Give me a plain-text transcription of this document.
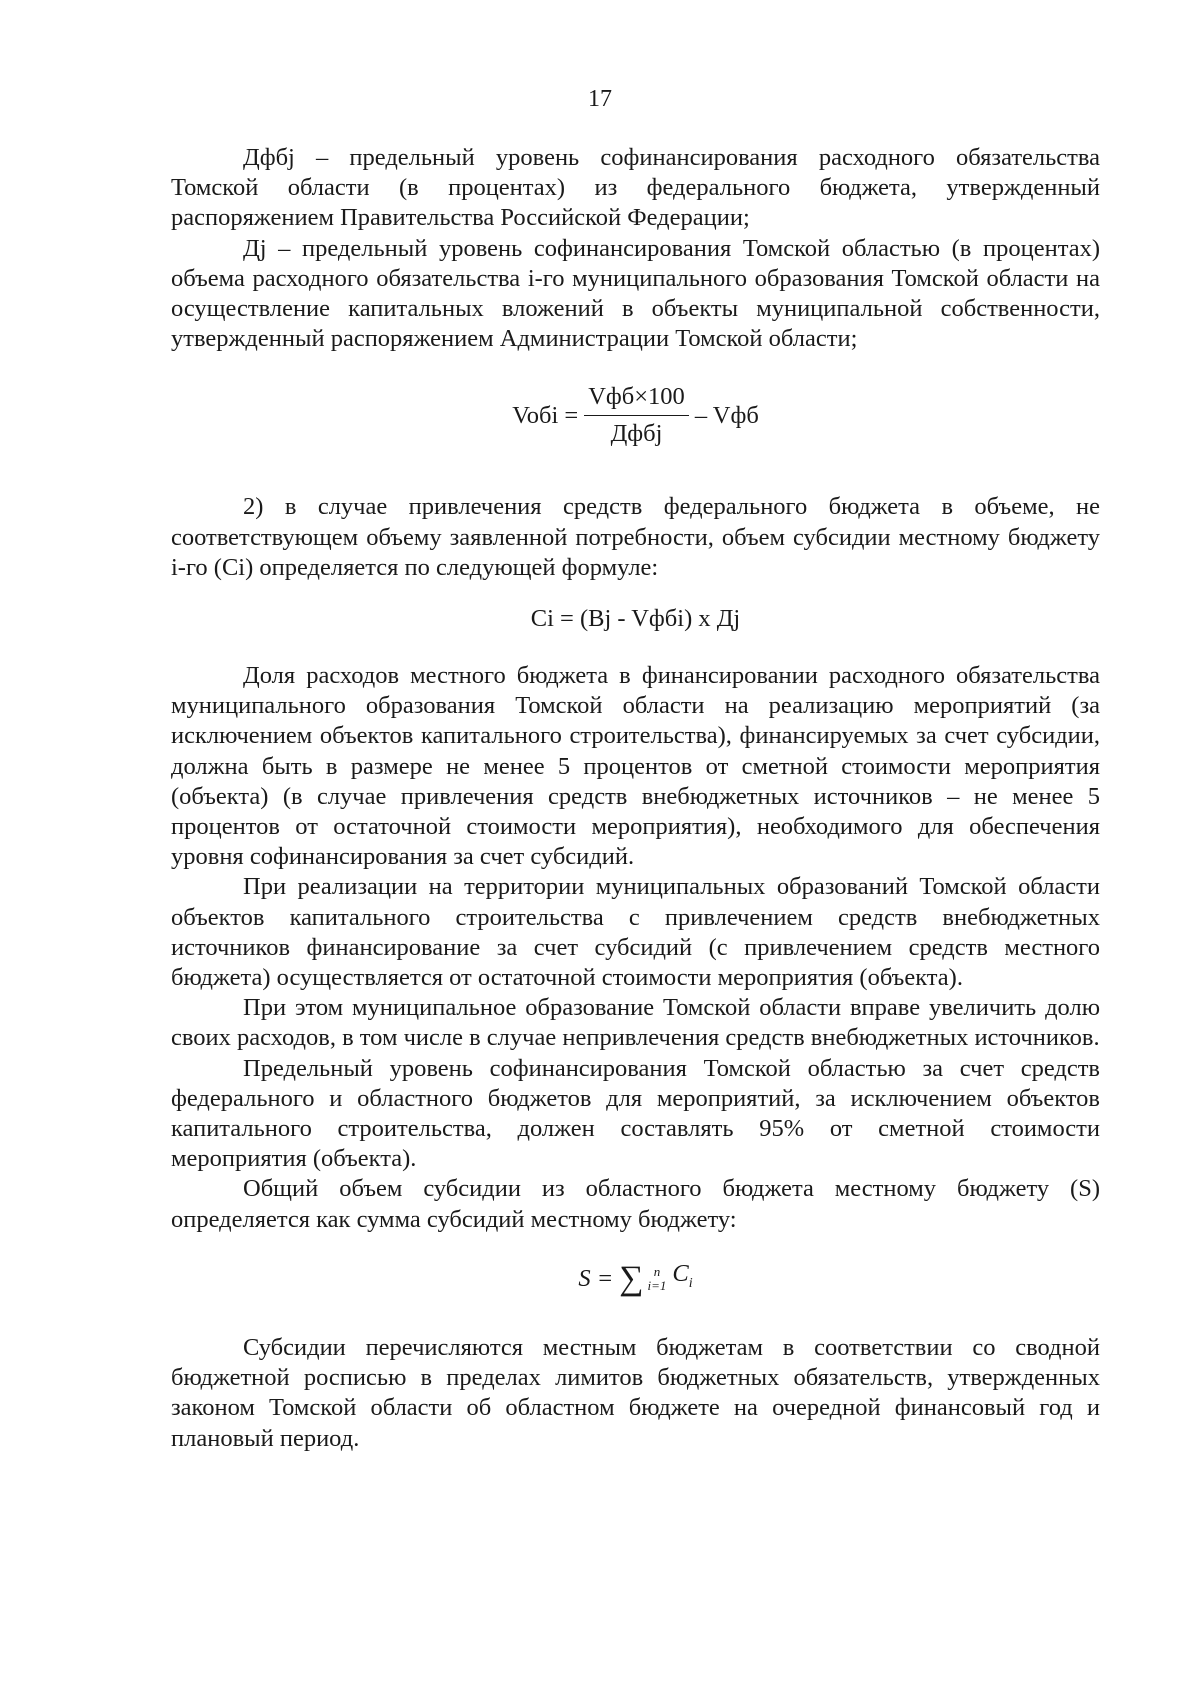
17

Дфбj – предельный уровень софинансирования расходного обязательства Томской области (в процентах) из федерального бюджета, утвержденный распоряжением Правительства Российской Федерации;

Дj – предельный уровень софинансирования Томской областью (в процентах) объема расходного обязательства i-го муниципального образования Томской области на осуществление капитальных вложений в объекты муниципальной собственности, утвержденный распоряжением Администрации Томской области;

Voбi = $\frac{\text{Vфб×100}}{\text{Дфбj}}$ – Vфб

2) в случае привлечения средств федерального бюджета в объеме, не соответствующем объему заявленной потребности, объем субсидии местному бюджету i-го (Ci) определяется по следующей формуле:

Ci = (Bj - Vфбi) x Дj

Доля расходов местного бюджета в финансировании расходного обязательства муниципального образования Томской области на реализацию мероприятий (за исключением объектов капитального строительства), финансируемых за счет субсидии, должна быть в размере не менее 5 процентов от сметной стоимости мероприятия (объекта) (в случае привлечения средств внебюджетных источников – не менее 5 процентов от остаточной стоимости мероприятия), необходимого для обеспечения уровня софинансирования за счет субсидий.

При реализации на территории муниципальных образований Томской области объектов капитального строительства с привлечением средств внебюджетных источников финансирование за счет субсидий (с привлечением средств местного бюджета) осуществляется от остаточной стоимости мероприятия (объекта).

При этом муниципальное образование Томской области вправе увеличить долю своих расходов, в том числе в случае непривлечения средств внебюджетных источников.

Предельный уровень софинансирования Томской областью за счет средств федерального и областного бюджетов для мероприятий, за исключением объектов капитального строительства, должен составлять 95% от сметной стоимости мероприятия (объекта).

Общий объем субсидии из областного бюджета местному бюджету (S) определяется как сумма субсидий местному бюджету:

S = ∑ n
i=1 $C_i$

Субсидии перечисляются местным бюджетам в соответствии со сводной бюджетной росписью в пределах лимитов бюджетных обязательств, утвержденных законом Томской области об областном бюджете на очередной финансовый год и плановый период.
